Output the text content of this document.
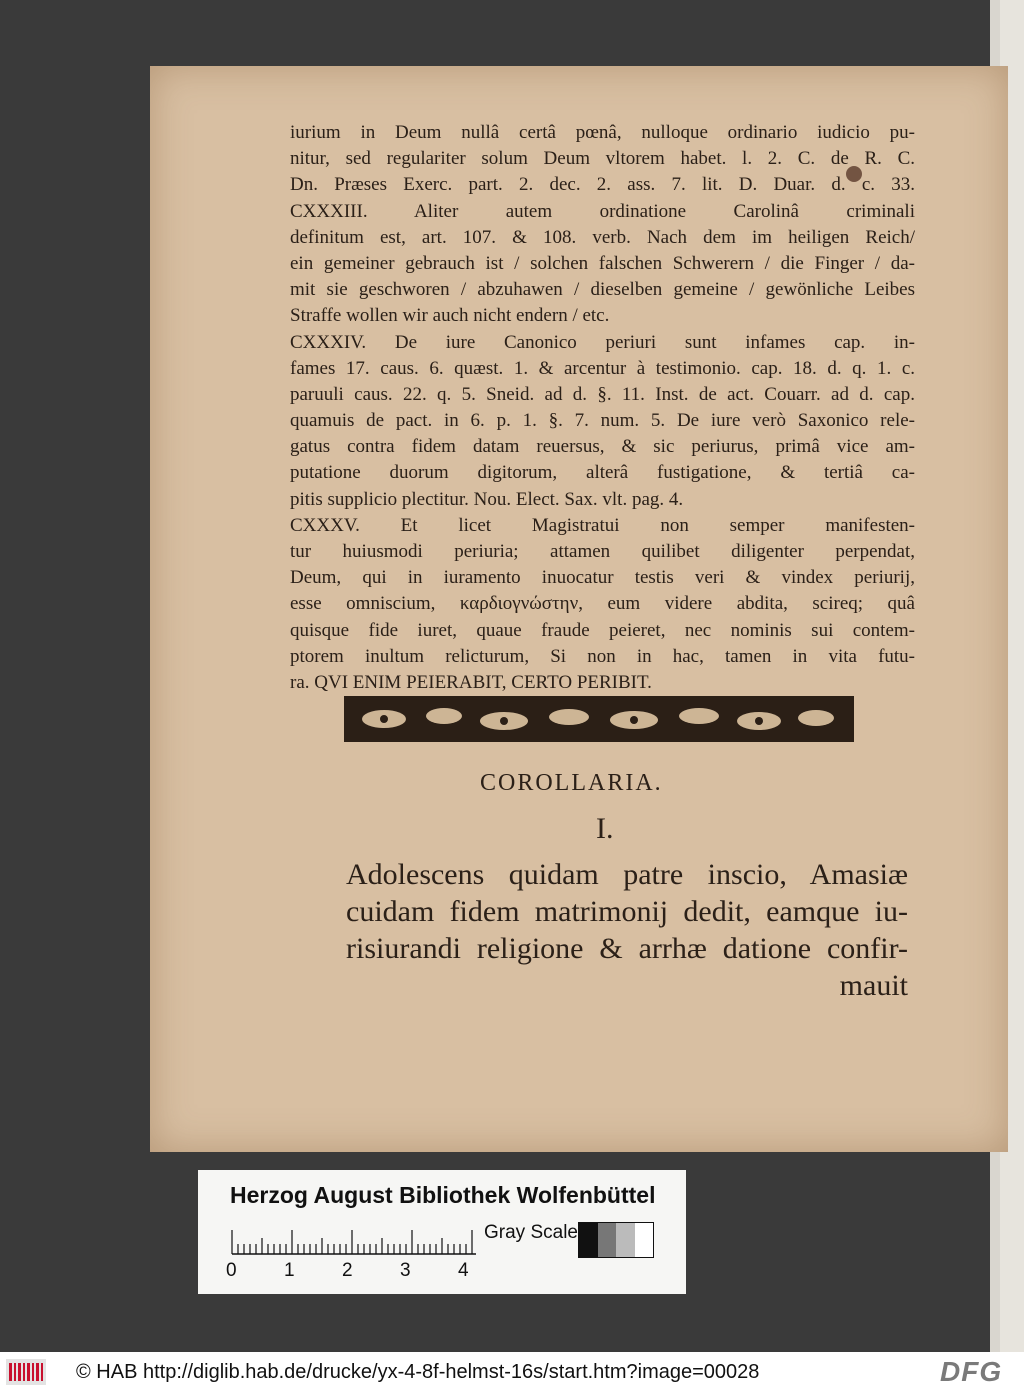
iurium in Deum nullâ certâ pœnâ, nulloque ordinario iudicio pu-
nitur, sed regulariter solum Deum vltorem habet. l. 2. C. de R. C.
Dn. Præses Exerc. part. 2. dec. 2. ass. 7. lit. D. Duar. d. c. 33.
CXXXIII. Aliter autem ordinatione Carolinâ criminali
definitum est, art. 107. & 108. verb. Nach dem im heiligen Reich/
ein gemeiner gebrauch ist / solchen falschen Schwerern / die Finger / da-
mit sie geschworen / abzuhawen / dieselben gemeine / gewönliche Leibes
Straffe wollen wir auch nicht endern / etc.
CXXXIV. De iure Canonico periuri sunt infames cap. in-
fames 17. caus. 6. quæst. 1. & arcentur à testimonio. cap. 18. d. q. 1. c.
paruuli caus. 22. q. 5. Sneid. ad d. §. 11. Inst. de act. Couarr. ad d. cap.
quamuis de pact. in 6. p. 1. §. 7. num. 5. De iure verò Saxonico rele-
gatus contra fidem datam reuersus, & sic periurus, primâ vice am-
putatione duorum digitorum, alterâ fustigatione, & tertiâ ca-
pitis supplicio plectitur. Nou. Elect. Sax. vlt. pag. 4.
CXXXV. Et licet Magistratui non semper manifesten-
tur huiusmodi periuria; attamen quilibet diligenter perpendat,
Deum, qui in iuramento inuocatur testis veri & vindex periurij,
esse omniscium, καρδιογνώστην, eum videre abdita, scireq; quâ
quisque fide iuret, quaue fraude peieret, nec nominis sui contem-
ptorem inultum relicturum, Si non in hac, tamen in vita futu-
ra. QVI ENIM PEIERABIT, CERTO PERIBIT.
COROLLARIA.
I.
Adolescens quidam patre inscio, Amasiæ
cuidam fidem matrimonij dedit, eamque iu-
risiurandi religione & arrhæ datione confir-
mauit
Herzog August Bibliothek Wolfenbüttel
Gray Scale
0 1 2 3 4
© HAB http://diglib.hab.de/drucke/yx-4-8f-helmst-16s/start.htm?image=00028	DFG
